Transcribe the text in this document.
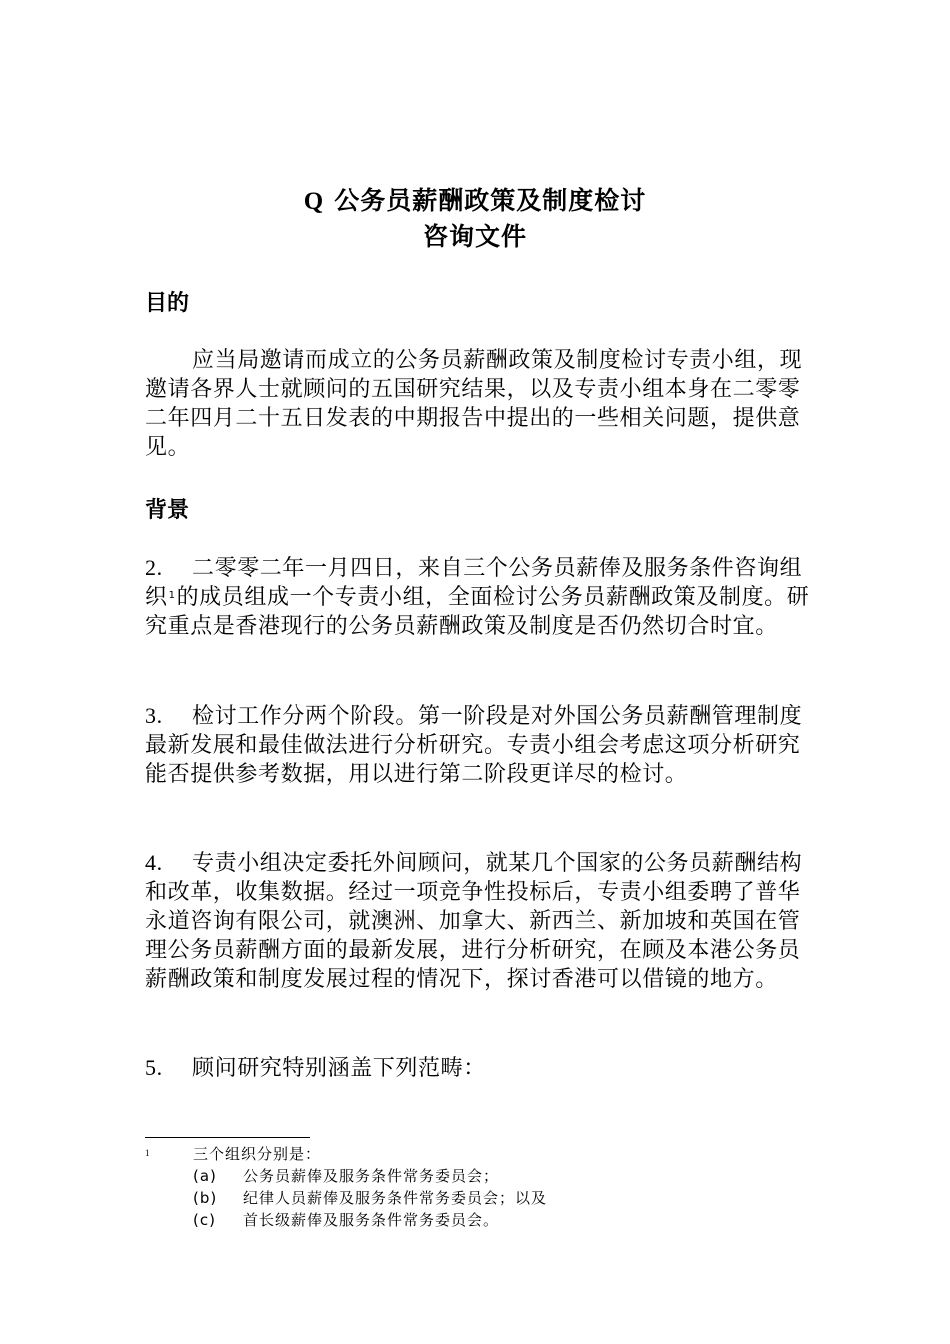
Q 公务员薪酬政策及制度检讨
咨询文件
目的
应当局邀请而成立的公务员薪酬政策及制度检讨专责小组，现邀请各界人士就顾问的五国研究结果，以及专责小组本身在二零零二年四月二十五日发表的中期报告中提出的一些相关问题，提供意见。
背景
2. 二零零二年一月四日，来自三个公务员薪俸及服务条件咨询组织$^1$的成员组成一个专责小组，全面检讨公务员薪酬政策及制度。研究重点是香港现行的公务员薪酬政策及制度是否仍然切合时宜。
3. 检讨工作分两个阶段。第一阶段是对外国公务员薪酬管理制度最新发展和最佳做法进行分析研究。专责小组会考虑这项分析研究能否提供参考数据，用以进行第二阶段更详尽的检讨。
4. 专责小组决定委托外间顾问，就某几个国家的公务员薪酬结构和改革，收集数据。经过一项竞争性投标后，专责小组委聘了普华永道咨询有限公司，就澳洲、加拿大、新西兰、新加坡和英国在管理公务员薪酬方面的最新发展，进行分析研究，在顾及本港公务员薪酬政策和制度发展过程的情况下，探讨香港可以借镜的地方。
5. 顾问研究特别涵盖下列范畴：
1	三个组织分别是：
(a) 公务员薪俸及服务条件常务委员会；
(b) 纪律人员薪俸及服务条件常务委员会；以及
(c) 首长级薪俸及服务条件常务委员会。
